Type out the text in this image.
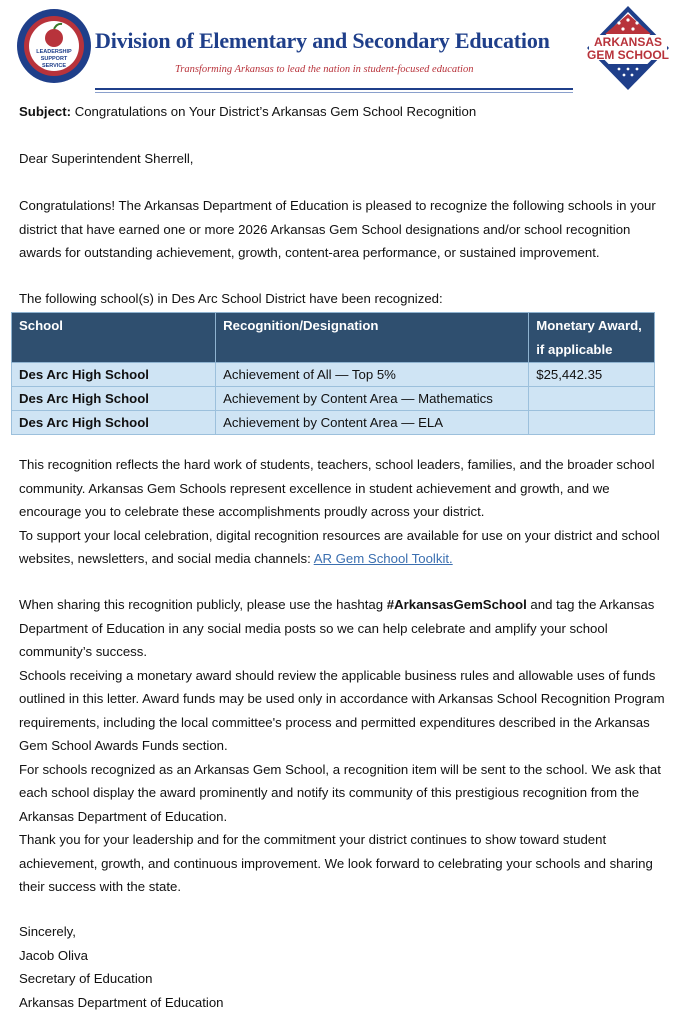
LEADERSHIP
SUPPORT
SERVICE
Division of Elementary and Secondary Education
Transforming Arkansas to lead the nation in student-focused education
ARKANSAS
GEM SCHOOL

Subject: Congratulations on Your District’s Arkansas Gem School Recognition

Dear Superintendent Sherrell,

Congratulations! The Arkansas Department of Education is pleased to recognize the following schools in your district that have earned one or more 2026 Arkansas Gem School designations and/or school recognition awards for outstanding achievement, growth, content-area performance, or sustained improvement.

The following school(s) in Des Arc School District have been recognized:

School	Recognition/Designation	Monetary Award, if applicable
Des Arc High School	Achievement of All — Top 5%	$25,442.35
Des Arc High School	Achievement by Content Area — Mathematics	
Des Arc High School	Achievement by Content Area — ELA	

This recognition reflects the hard work of students, teachers, school leaders, families, and the broader school community. Arkansas Gem Schools represent excellence in student achievement and growth, and we encourage you to celebrate these accomplishments proudly across your district.

To support your local celebration, digital recognition resources are available for use on your district and school websites, newsletters, and social media channels: AR Gem School Toolkit.

When sharing this recognition publicly, please use the hashtag #ArkansasGemSchool and tag the Arkansas Department of Education in any social media posts so we can help celebrate and amplify your school community’s success.

Schools receiving a monetary award should review the applicable business rules and allowable uses of funds outlined in this letter. Award funds may be used only in accordance with Arkansas School Recognition Program requirements, including the local committee's process and permitted expenditures described in the Arkansas Gem School Awards Funds section.

For schools recognized as an Arkansas Gem School, a recognition item will be sent to the school. We ask that each school display the award prominently and notify its community of this prestigious recognition from the Arkansas Department of Education.

Thank you for your leadership and for the commitment your district continues to show toward student achievement, growth, and continuous improvement. We look forward to celebrating your schools and sharing their success with the state.

Sincerely,

Jacob Oliva

Secretary of Education

Arkansas Department of Education
